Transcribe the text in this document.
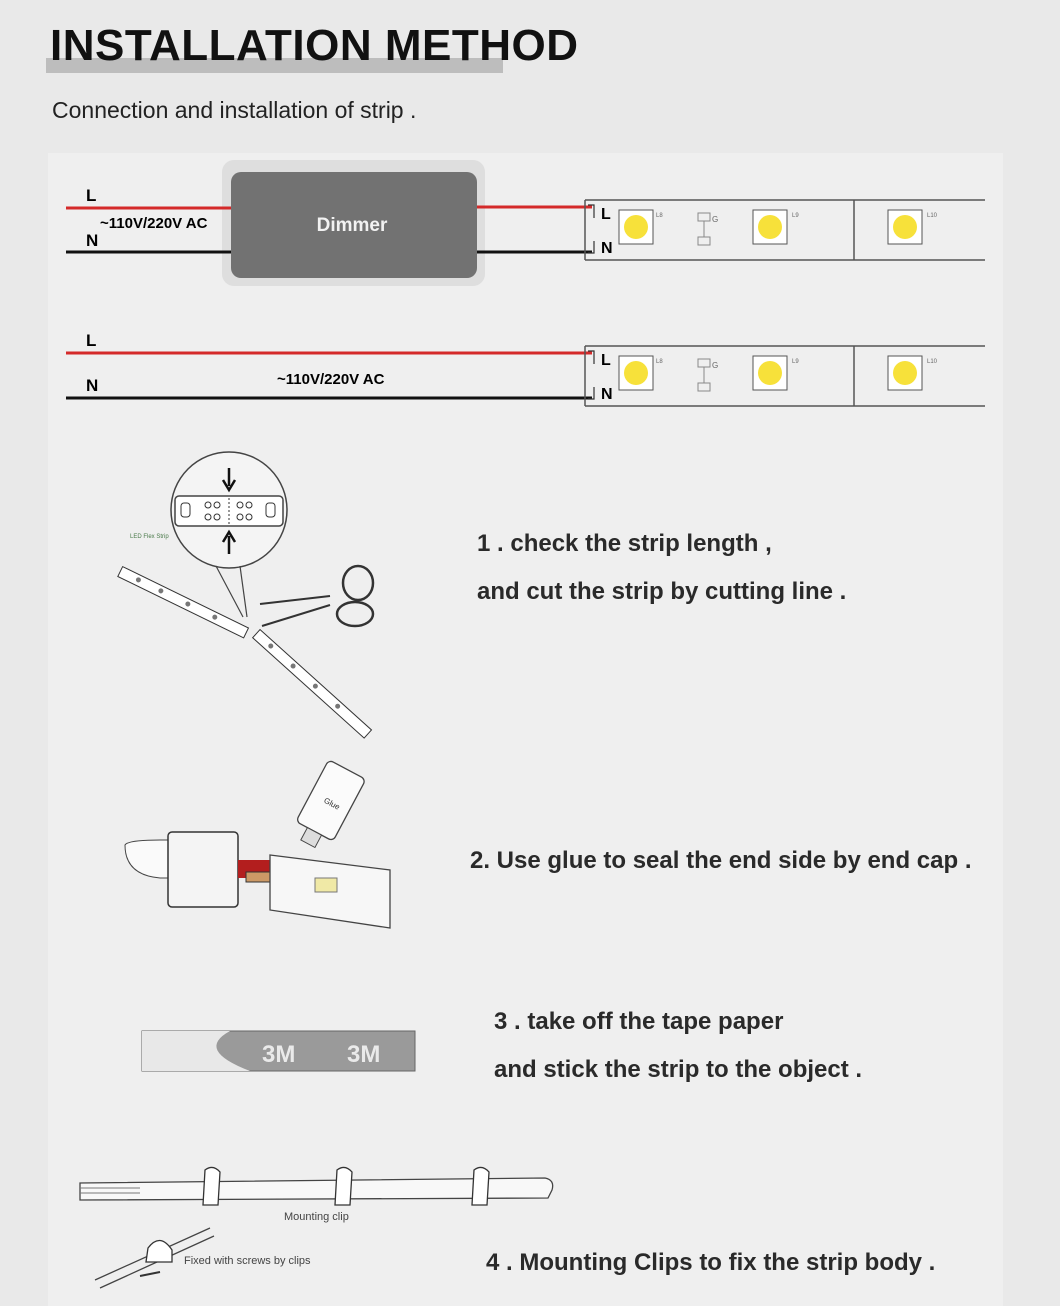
INSTALLATION METHOD
Connection and installation of strip .
Dimmer
L
N
~110V/220V AC
L
N	~110V/220V AC
L
N
L8	G	L9	L10
L
N
L8	G	L9	L10
LED Flex Strip
Glue
3M 3M
Mounting clip
Fixed with screws by clips
1 . check the strip length ,
and cut the strip by cutting line .
2. Use glue to seal the end side by end cap .
3 . take off the tape paper
and stick the strip to the object .
4 . Mounting Clips to fix the strip body .
